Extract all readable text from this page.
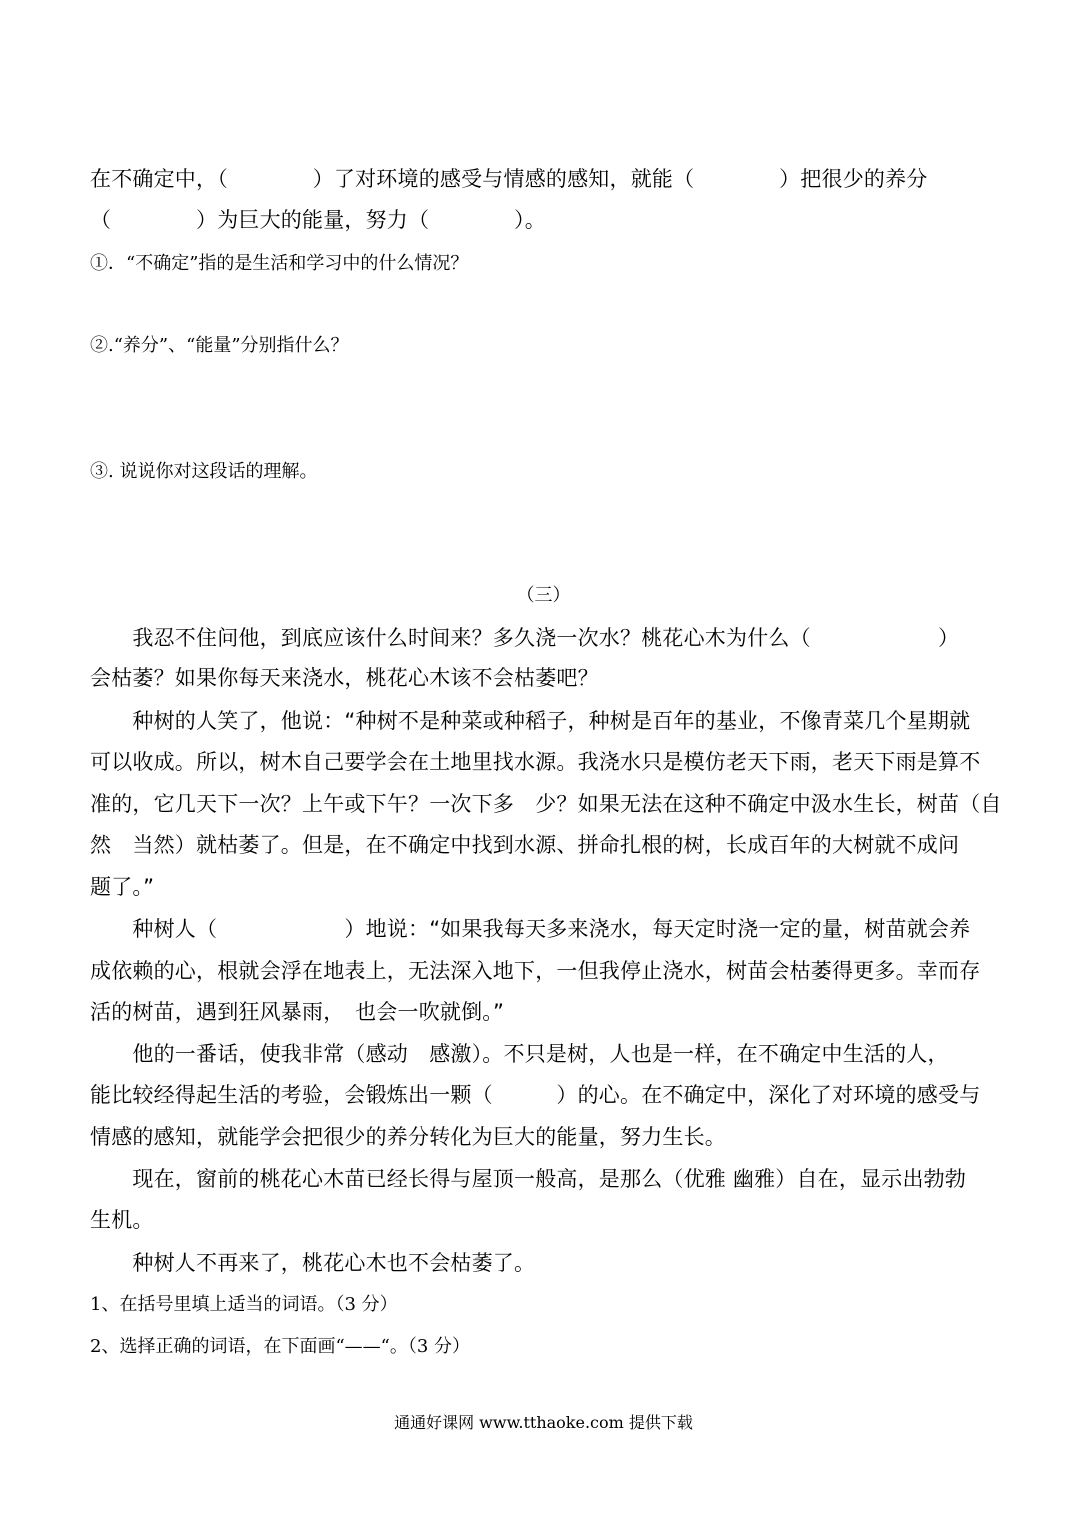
在不确定中，（　　　　）了对环境的感受与情感的感知，就能（　　　　）把很少的养分
（　　　　）为巨大的能量，努力（　　　　）。
①．“不确定”指的是生活和学习中的什么情况？
②.“养分”、“能量”分别指什么？
③. 说说你对这段话的理解。
（三）
　　我忍不住问他，到底应该什么时间来？多久浇一次水？桃花心木为什么（　　　　　　）
会枯萎？如果你每天来浇水，桃花心木该不会枯萎吧？
　　种树的人笑了，他说：“种树不是种菜或种稻子，种树是百年的基业，不像青菜几个星期就
可以收成。所以，树木自己要学会在土地里找水源。我浇水只是模仿老天下雨，老天下雨是算不
准的，它几天下一次？上午或下午？一次下多　少？如果无法在这种不确定中汲水生长，树苗（自
然　当然）就枯萎了。但是，在不确定中找到水源、拼命扎根的树，长成百年的大树就不成问
题了。”
　　种树人（　　　　　　）地说：“如果我每天多来浇水，每天定时浇一定的量，树苗就会养
成依赖的心，根就会浮在地表上，无法深入地下，一但我停止浇水，树苗会枯萎得更多。幸而存
活的树苗，遇到狂风暴雨，　也会一吹就倒。”
　　他的一番话，使我非常（感动　感激）。不只是树，人也是一样，在不确定中生活的人，
能比较经得起生活的考验，会锻炼出一颗（　　　）的心。在不确定中，深化了对环境的感受与
情感的感知，就能学会把很少的养分转化为巨大的能量，努力生长。
　　现在，窗前的桃花心木苗已经长得与屋顶一般高，是那么（优雅 幽雅）自在，显示出勃勃
生机。
　　种树人不再来了，桃花心木也不会枯萎了。
1、在括号里填上适当的词语。（3 分）
2、选择正确的词语，在下面画“——“。（3 分）
通通好课网 www.tthaoke.com 提供下载
